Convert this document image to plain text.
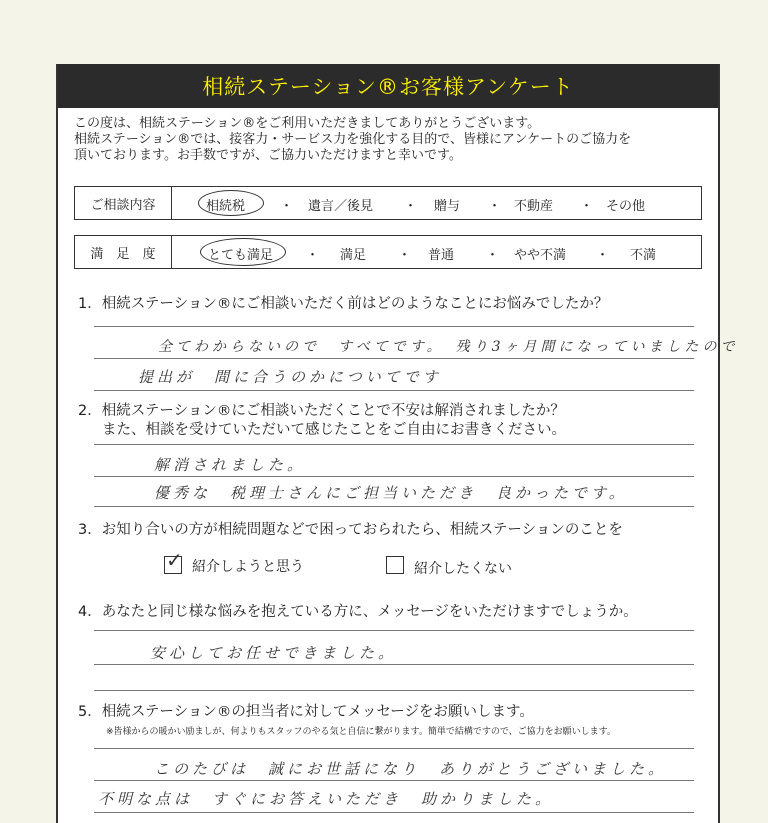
相続ステーション®お客様アンケート
この度は、相続ステーション®をご利用いただきましてありがとうございます。
相続ステーション®では、接客力・サービス力を強化する目的で、皆様にアンケートのご協力を
頂いております。お手数ですが、ご協力いただけますと幸いです。
ご相談内容	相続税	・ 遺言／後見 ・ 贈与 ・ 不動産 ・ その他
満　足　度	とても満足	・ 満足 ・ 普通 ・ やや不満 ・ 不満
1．相続ステーション®にご相談いただく前はどのようなことにお悩みでしたか？
全てわからないので　すべてです。　残り3ヶ月間になっていましたので
提出が　間に合うのかについてです
2．相続ステーション®にご相談いただくことで不安は解消されましたか？
また、相談を受けていただいて感じたことをご自由にお書きください。
解消されました。
優秀な　税理士さんにご担当いただき　良かったです。
3．お知り合いの方が相続問題などで困っておられたら、相続ステーションのことを
✓ 紹介しようと思う	紹介したくない
4．あなたと同じ様な悩みを抱えている方に、メッセージをいただけますでしょうか。
安心してお任せできました。
5．相続ステーション®の担当者に対してメッセージをお願いします。
※皆様からの暖かい励ましが、何よりもスタッフのやる気と自信に繋がります。簡単で結構ですので、ご協力をお願いします。
このたびは　誠にお世話になり　ありがとうございました。
不明な点は　すぐにお答えいただき　助かりました。
